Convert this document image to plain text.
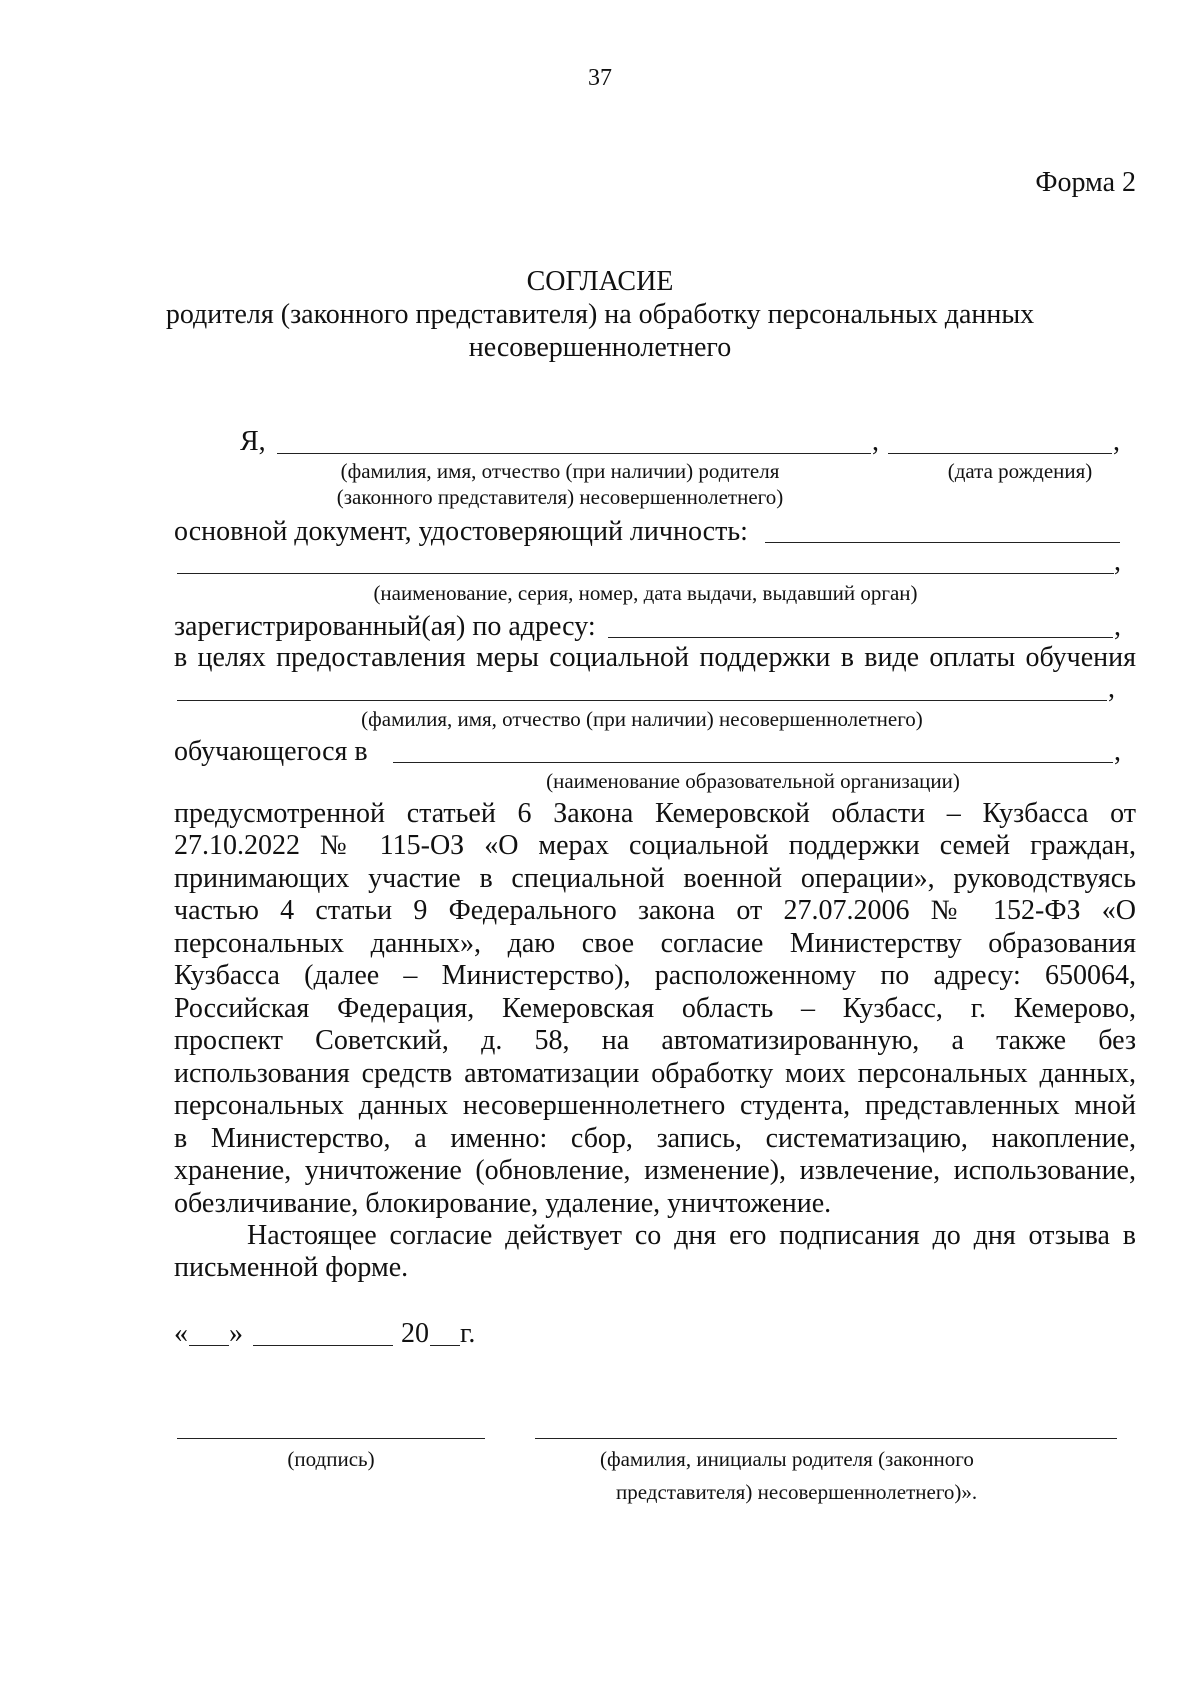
37
Форма 2
СОГЛАСИЕ
родителя (законного представителя) на обработку персональных данных
несовершеннолетнего
Я,	,	,
(фамилия, имя, отчество (при наличии) родителя
(законного представителя) несовершеннолетнего)
(дата рождения)
основной документ, удостоверяющий личность:
,
(наименование, серия, номер, дата выдачи, выдавший орган)
зарегистрированный(ая) по адресу:	,
в целях предоставления меры социальной поддержки в виде оплаты обучения
,
(фамилия, имя, отчество (при наличии) несовершеннолетнего)
обучающегося в	,
(наименование образовательной организации)
предусмотренной статьей 6 Закона Кемеровской области – Кузбасса от
27.10.2022 № 115-ОЗ «О мерах социальной поддержки семей граждан,
принимающих участие в специальной военной операции», руководствуясь
частью 4 статьи 9 Федерального закона от 27.07.2006 № 152-ФЗ «О
персональных данных», даю свое согласие Министерству образования
Кузбасса (далее – Министерство), расположенному по адресу: 650064,
Российская Федерация, Кемеровская область – Кузбасс, г. Кемерово,
проспект Советский, д. 58, на автоматизированную, а также без
использования средств автоматизации обработку моих персональных данных,
персональных данных несовершеннолетнего студента, представленных мной
в Министерство, а именно: сбор, запись, систематизацию, накопление,
хранение, уничтожение (обновление, изменение), извлечение, использование,
обезличивание, блокирование, удаление, уничтожение.
Настоящее согласие действует со дня его подписания до дня отзыва в
письменной форме.
« »	20 г.
(подпись)	(фамилия, инициалы родителя (законного
представителя) несовершеннолетнего)».
